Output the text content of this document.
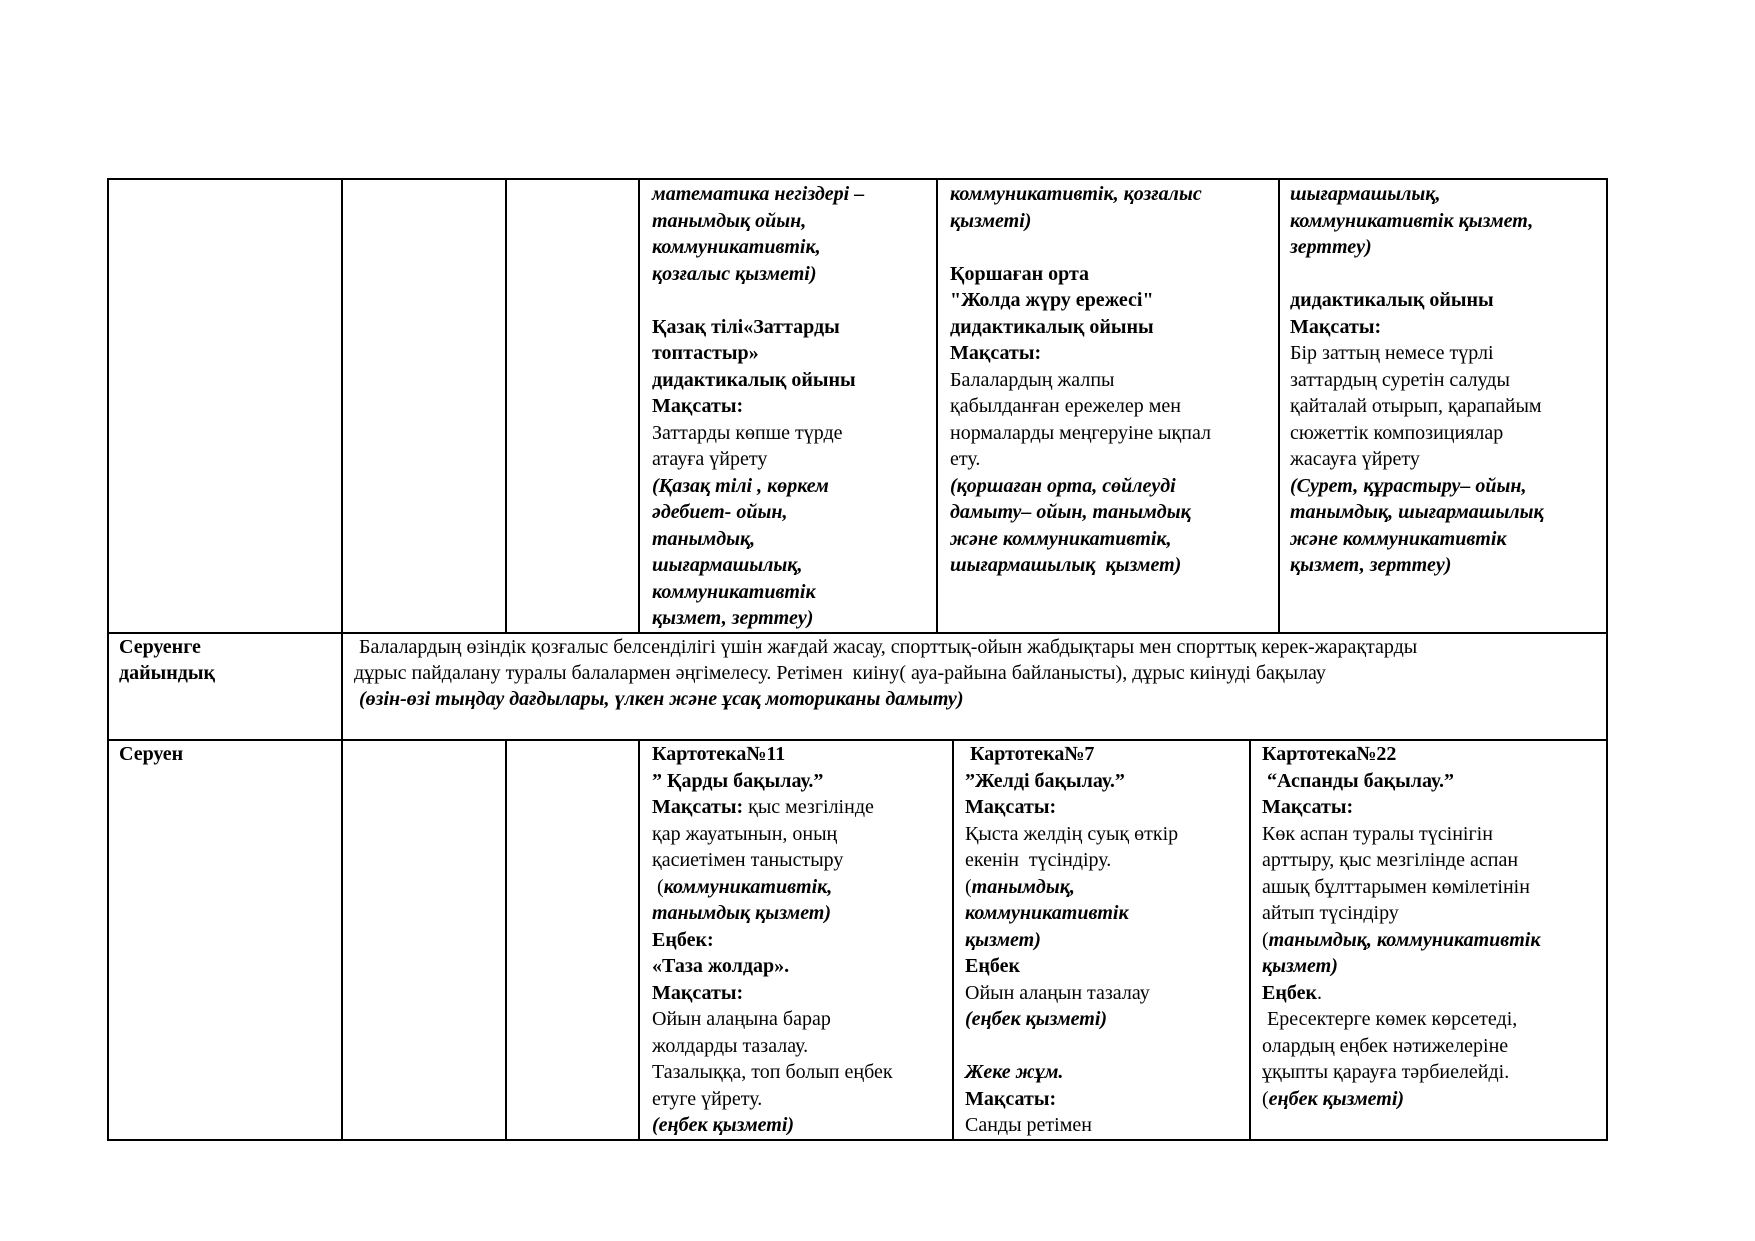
математика негіздері –
танымдық ойын,
коммуникативтік,
қозғалыс қызметі)
Қазақ тілі«Заттарды
топтастыр»
дидактикалық ойыны
Мақсаты:
Заттарды көпше түрде
атауға үйрету
(Қазақ тілі , көркем
әдебиет- ойын,
танымдық,
шығармашылық,
коммуникативтік
қызмет, зерттеу)
коммуникативтік, қозғалыс
қызметі)
Қоршаған орта
"Жолда жүру ережесі"
дидактикалық ойыны
Мақсаты:
Балалардың жалпы
қабылданған ережелер мен
нормаларды меңгеруіне ықпал
ету.
(қоршаған орта, сөйлеуді
дамыту– ойын, танымдық
және коммуникативтік,
шығармашылық  қызмет)
шығармашылық,
коммуникативтік қызмет,
зерттеу)
дидактикалық ойыны
Мақсаты:
Бір заттың немесе түрлі
заттардың суретін салуды
қайталай отырып, қарапайым
сюжеттік композициялар
жасауға үйрету
(Сурет, құрастыру– ойын,
танымдық, шығармашылық
және коммуникативтік
қызмет, зерттеу)
Серуенге
дайындық
Балалардың өзіндік қозғалыс белсенділігі үшін жағдай жасау, спорттық-ойын жабдықтары мен спорттық керек-жарақтарды
дұрыс пайдалану туралы балалармен әңгімелесу. Ретімен  киіну( ауа-райына байланысты), дұрыс киінуді бақылау
(өзін-өзі тыңдау дағдылары, үлкен және ұсақ моториканы дамыту)
Серуен	Картотека№11
” Қарды бақылау.”
Мақсаты: қыс мезгілінде
қар жауатынын, оның
қасиетімен таныстыру
(коммуникативтік,
танымдық қызмет)
Еңбек:
«Таза жолдар».
Мақсаты:
Ойын алаңына барар
жолдарды тазалау.
Тазалыққа, топ болып еңбек
етуге үйрету.
(еңбек қызметі)
Картотека№7
”Желді бақылау.”
Мақсаты:
Қыста желдің суық өткір
екенін  түсіндіру.
(танымдық,
коммуникативтік
қызмет)
Еңбек
Ойын алаңын тазалау
(еңбек қызметі)
Жеке жұм.
Мақсаты:
Санды ретімен
Картотека№22
“Аспанды бақылау.”
Мақсаты:
Көк аспан туралы түсінігін
арттыру, қыс мезгілінде аспан
ашық бұлттарымен көмілетінін
айтып түсіндіру
(танымдық, коммуникативтік
қызмет)
Еңбек.
Ересектерге көмек көрсетеді,
олардың еңбек нәтижелеріне
ұқыпты қарауға тәрбиелейді.
(еңбек қызметі)
